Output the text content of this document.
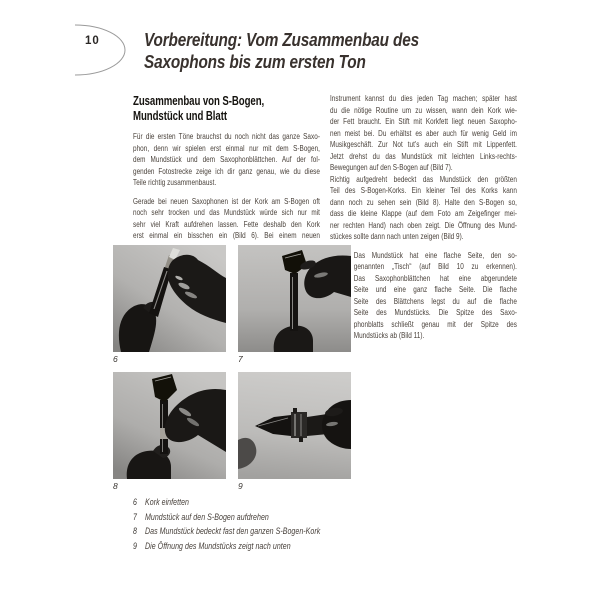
10 Vorbereitung: Vom Zusammenbau des
Saxophons bis zum ersten Ton
Zusammenbau von S-Bogen,
Mundstück und Blatt
Für die ersten Töne brauchst du noch nicht das ganze Saxo-
phon, denn wir spielen erst einmal nur mit dem S-Bogen,
dem Mundstück und dem Saxophonblättchen. Auf der fol-
genden Fotostrecke zeige ich dir ganz genau, wie du diese
Teile richtig zusammenbaust.
Gerade bei neuen Saxophonen ist der Kork am S-Bogen oft
noch sehr trocken und das Mundstück würde sich nur mit
sehr viel Kraft aufdrehen lassen. Fette deshalb den Kork
erst einmal ein bisschen ein (Bild 6). Bei einem neuen
Instrument kannst du dies jeden Tag machen; später hast
du die nötige Routine um zu wissen, wann dein Kork wie-
der Fett braucht. Ein Stift mit Korkfett liegt neuen Saxopho-
nen meist bei. Du erhältst es aber auch für wenig Geld im
Musikgeschäft. Zur Not tut's auch ein Stift mit Lippenfett.
Jetzt drehst du das Mundstück mit leichten Links-rechts-
Bewegungen auf den S-Bogen auf (Bild 7).
Richtig aufgedreht bedeckt das Mundstück den größten
Teil des S-Bogen-Korks. Ein kleiner Teil des Korks kann
dann noch zu sehen sein (Bild 8). Halte den S-Bogen so,
dass die kleine Klappe (auf dem Foto am Zeigefinger mei-
ner rechten Hand) nach oben zeigt. Die Öffnung des Mund-
stückes sollte dann nach unten zeigen (Bild 9).
Das Mundstück hat eine flache Seite, den so-
genannten „Tisch“ (auf Bild 10 zu erkennen).
Das Saxophonblättchen hat eine abgerundete
Seite und eine ganz flache Seite. Die flache
Seite des Blättchens legst du auf die flache
Seite des Mundstücks. Die Spitze des Saxo-
phonblatts schließt genau mit der Spitze des
Mundstücks ab (Bild 11).
6	7
8	9
6 Kork einfetten
7 Mundstück auf den S-Bogen aufdrehen
8 Das Mundstück bedeckt fast den ganzen S-Bogen-Kork
9 Die Öffnung des Mundstücks zeigt nach unten
